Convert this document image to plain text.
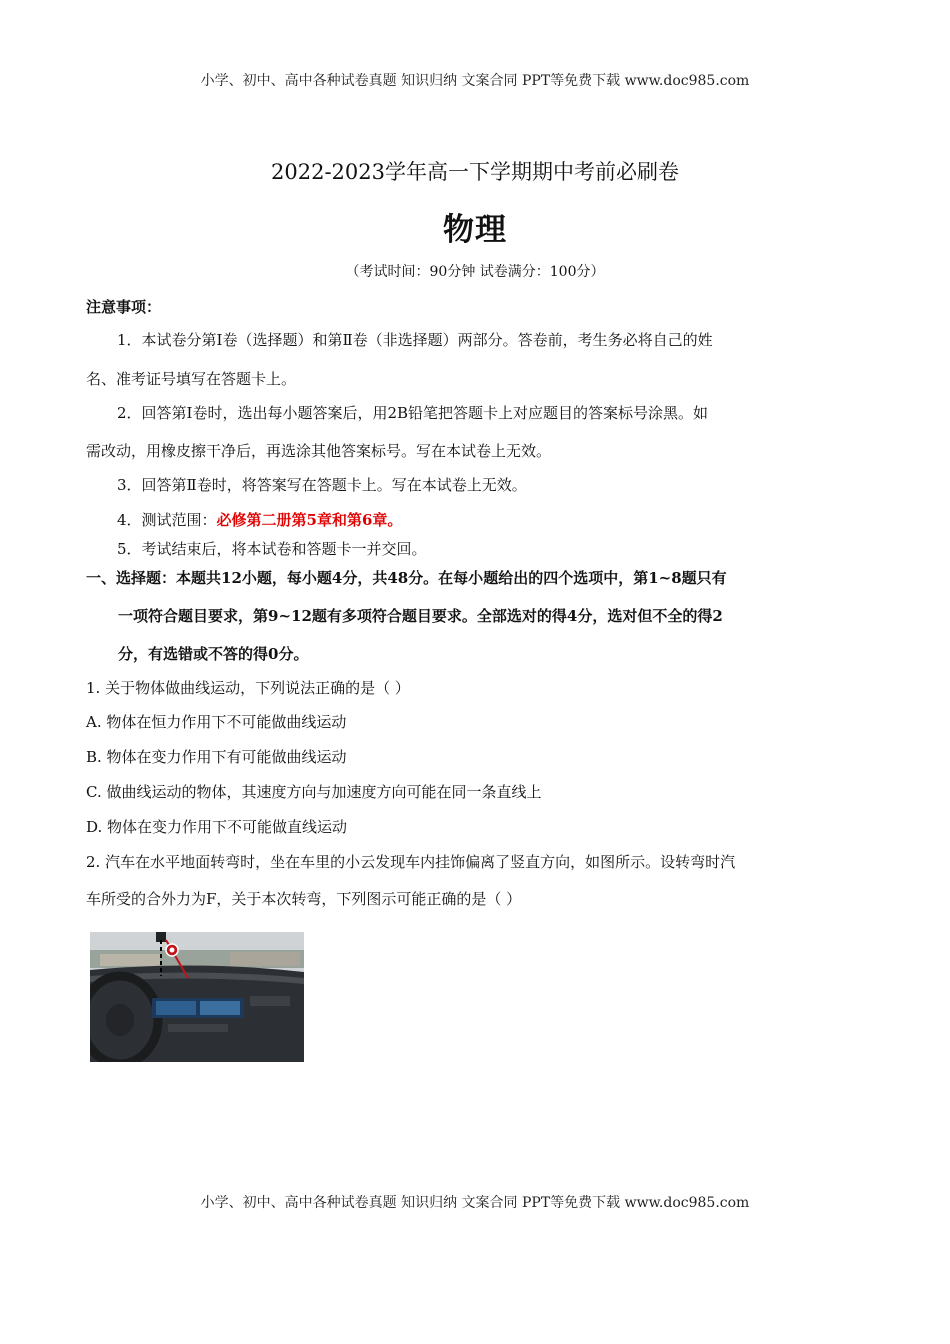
小学、初中、高中各种试卷真题 知识归纳 文案合同 PPT等免费下载 www.doc985.com
2022-2023学年高一下学期期中考前必刷卷
物理
（考试时间：90分钟 试卷满分：100分）
注意事项：
1．本试卷分第Ⅰ卷（选择题）和第Ⅱ卷（非选择题）两部分。答卷前，考生务必将自己的姓
名、准考证号填写在答题卡上。
2．回答第Ⅰ卷时，选出每小题答案后，用2B铅笔把答题卡上对应题目的答案标号涂黑。如
需改动，用橡皮擦干净后，再选涂其他答案标号。写在本试卷上无效。
3．回答第Ⅱ卷时，将答案写在答题卡上。写在本试卷上无效。
4．测试范围：必修第二册第5章和第6章。
5．考试结束后，将本试卷和答题卡一并交回。
一、选择题：本题共12小题，每小题4分，共48分。在每小题给出的四个选项中，第1~8题只有
一项符合题目要求，第9~12题有多项符合题目要求。全部选对的得4分，选对但不全的得2
分，有选错或不答的得0分。
1. 关于物体做曲线运动，下列说法正确的是（ ）
A. 物体在恒力作用下不可能做曲线运动
B. 物体在变力作用下有可能做曲线运动
C. 做曲线运动的物体，其速度方向与加速度方向可能在同一条直线上
D. 物体在变力作用下不可能做直线运动
2. 汽车在水平地面转弯时，坐在车里的小云发现车内挂饰偏离了竖直方向，如图所示。设转弯时汽
车所受的合外力为F，关于本次转弯，下列图示可能正确的是（ ）
小学、初中、高中各种试卷真题 知识归纳 文案合同 PPT等免费下载 www.doc985.com
